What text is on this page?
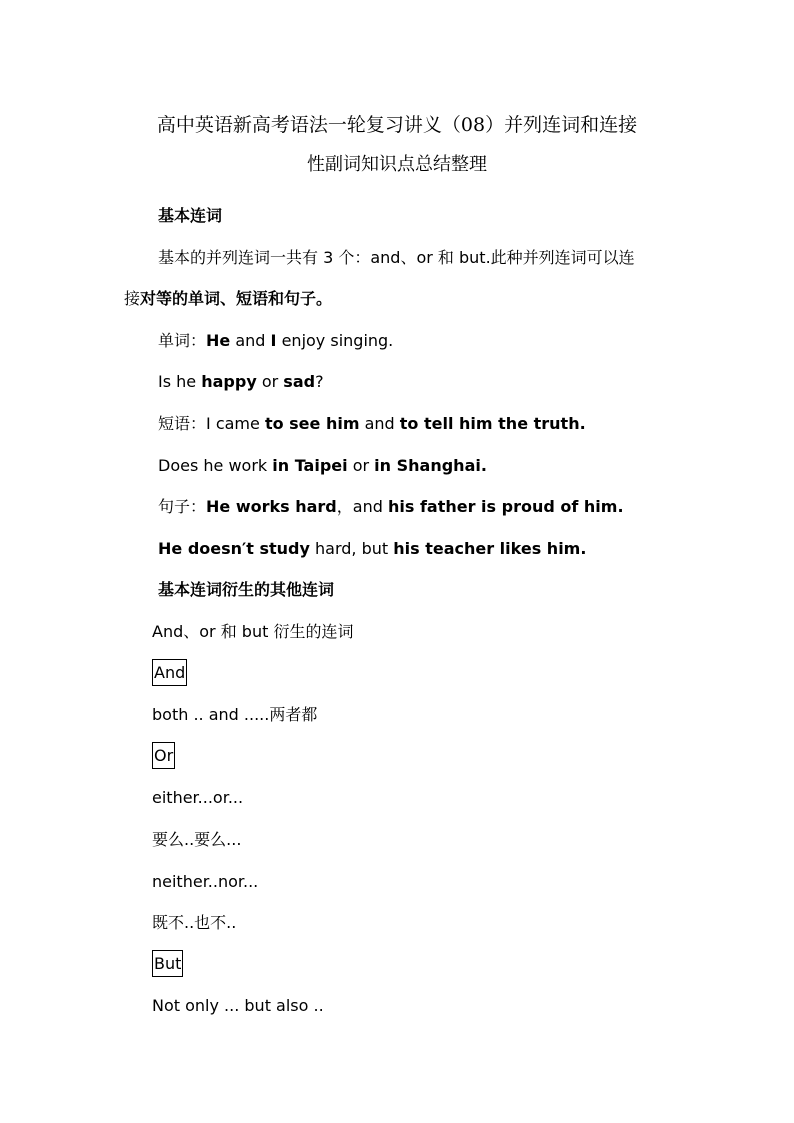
高中英语新高考语法一轮复习讲义（08）并列连词和连接
性副词知识点总结整理
基本连词
基本的并列连词一共有 3 个：and、or 和 but.此种并列连词可以连
接对等的单词、短语和句子。
单词：He and I enjoy singing.
Is he happy or sad?
短语：I came to see him and to tell him the truth.
Does he work in Taipei or in Shanghai.
句子：He works hard，and his father is proud of him.
He doesn′t study hard, but his teacher likes him.
基本连词衍生的其他连词
And、or 和 but 衍生的连词
And
both .. and .....两者都
Or
either...or...
要么..要么...
neither..nor...
既不..也不..
But
Not only ... but also ..
